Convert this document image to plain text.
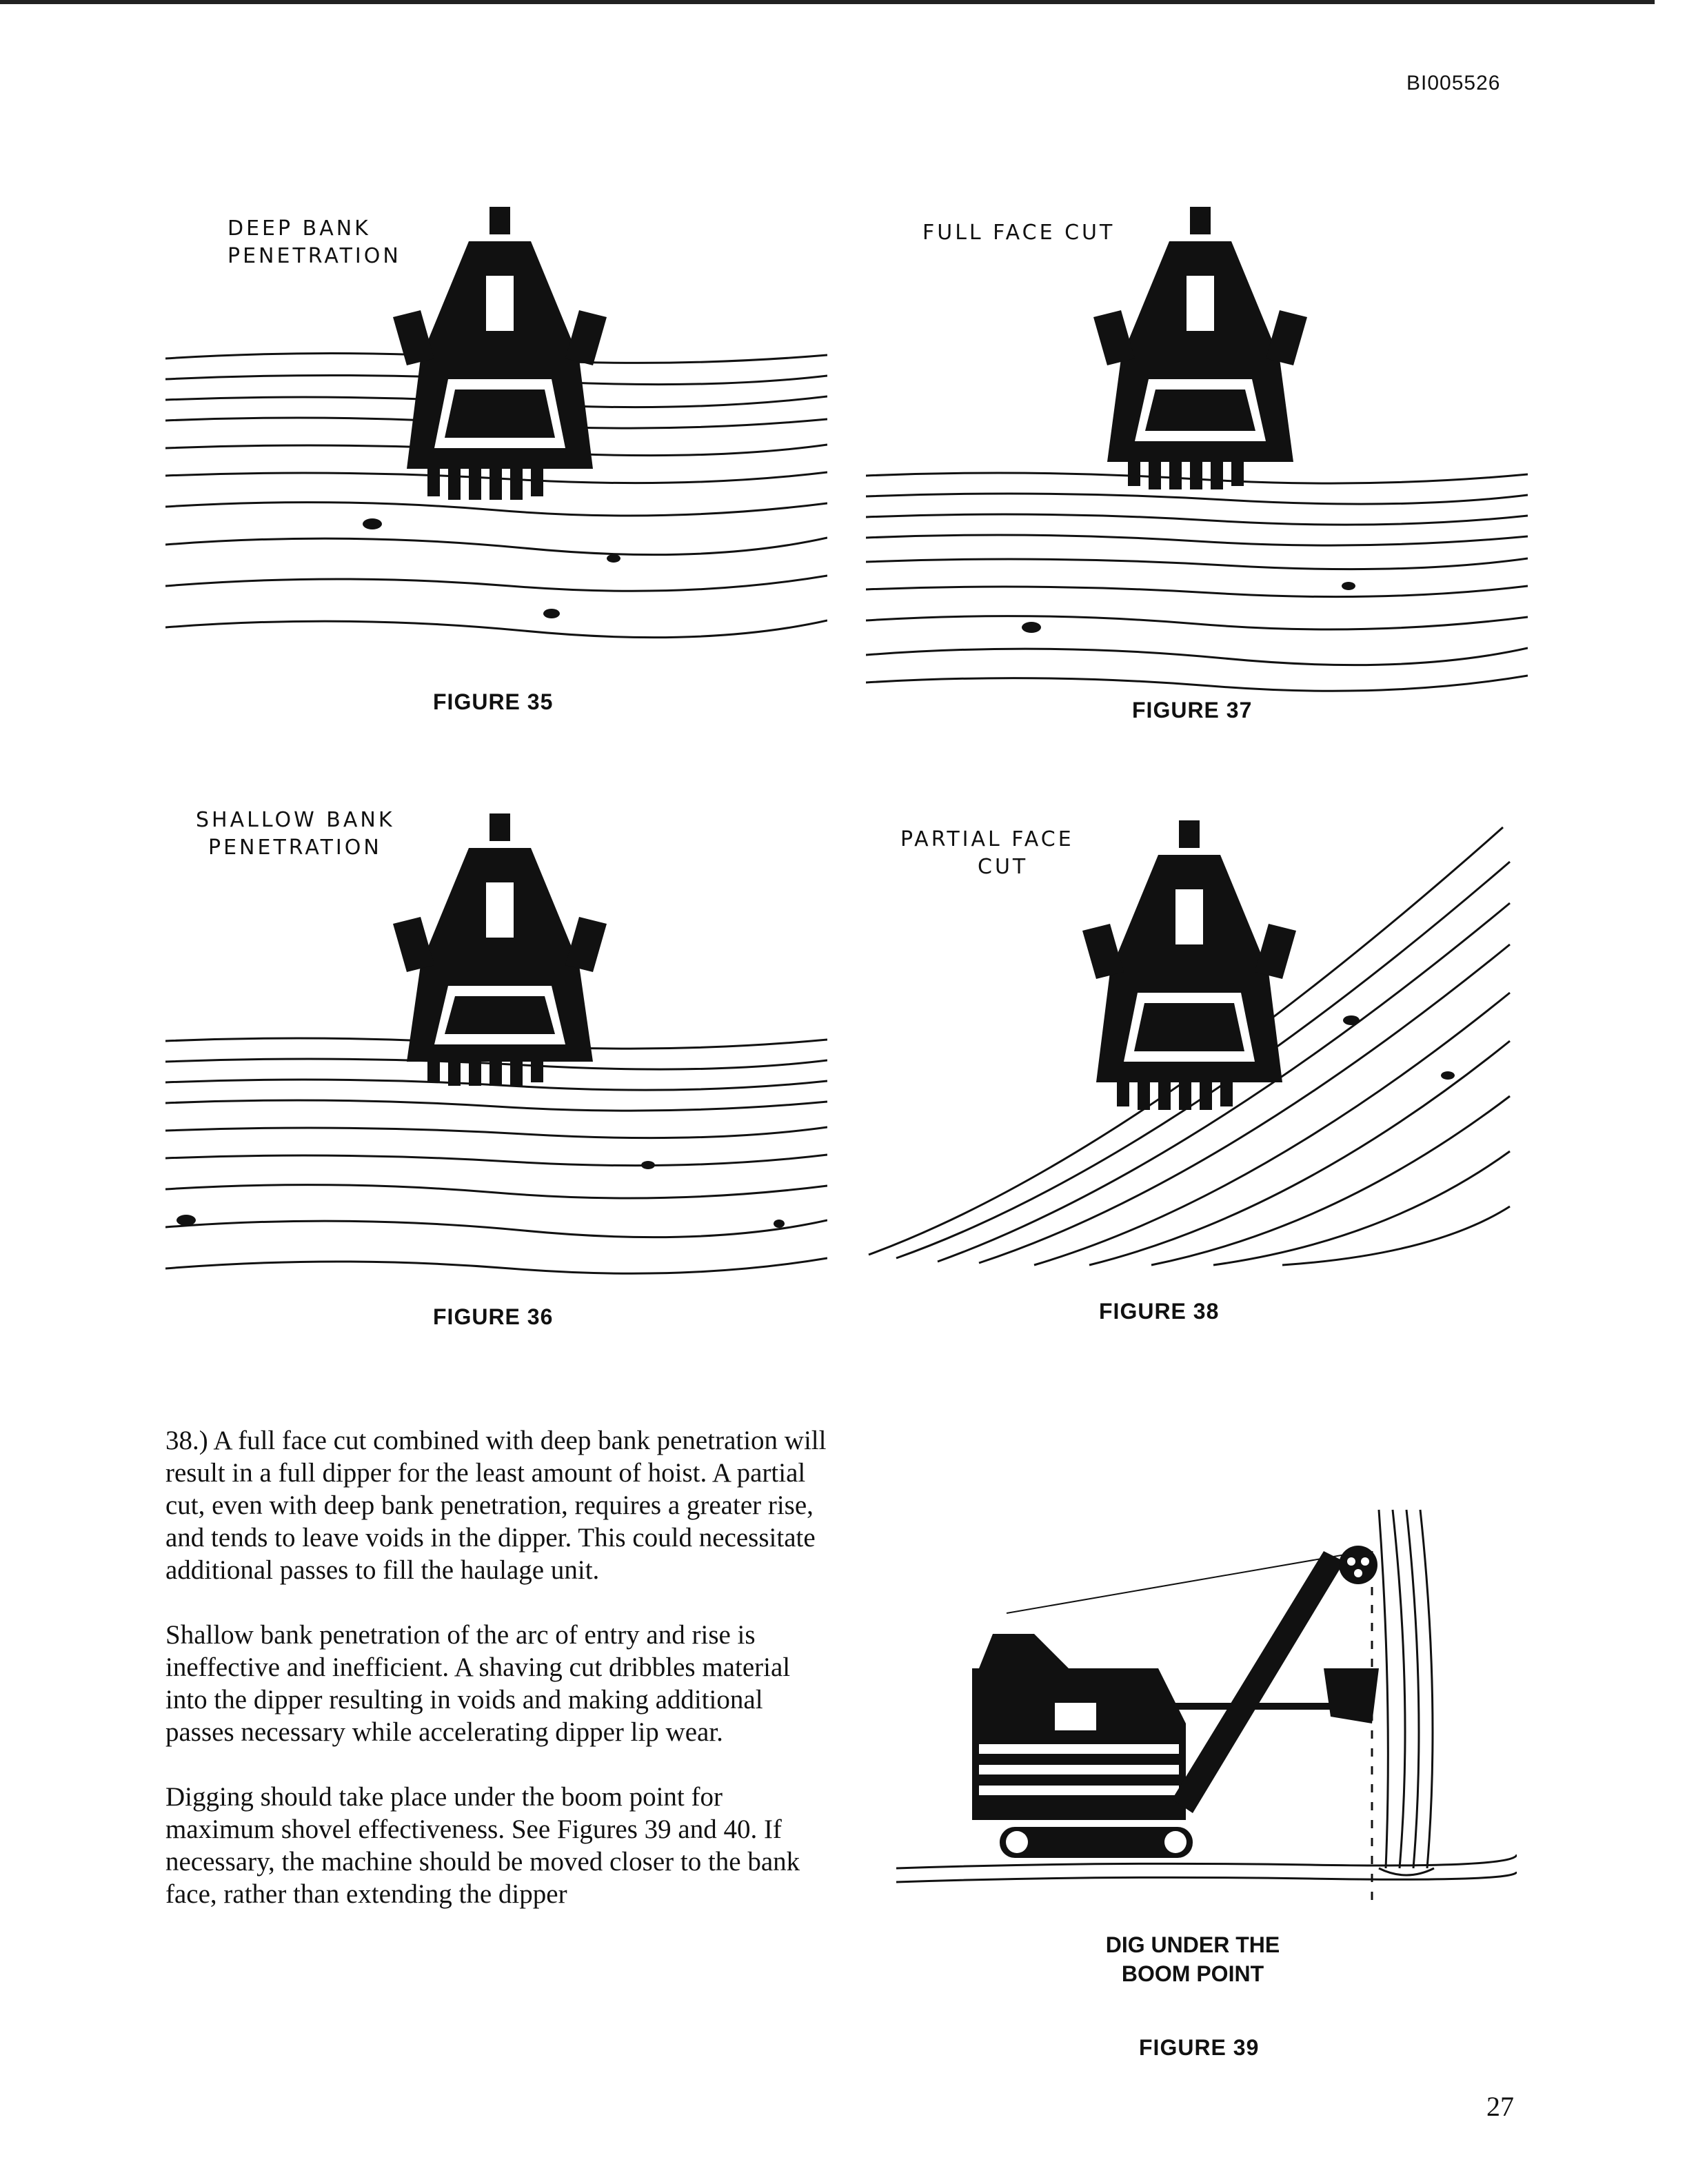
BI005526
DEEP BANK
PENETRATION
FIGURE 35
FULL FACE CUT
FIGURE 37
SHALLOW BANK
PENETRATION
FIGURE 36
PARTIAL FACE
CUT
FIGURE 38

38.) A full face cut combined with deep bank penetration will result in a full dipper for the least amount of hoist. A partial cut, even with deep bank penetration, requires a greater rise, and tends to leave voids in the dipper. This could necessitate additional passes to fill the haulage unit.

Shallow bank penetration of the arc of entry and rise is ineffective and inefficient. A shaving cut dribbles material into the dipper resulting in voids and making additional passes necessary while accelerating dipper lip wear.

Digging should take place under the boom point for maximum shovel effectiveness. See Figures 39 and 40. If necessary, the machine should be moved closer to the bank face, rather than extending the dipper

DIG UNDER THE
BOOM POINT
FIGURE 39
27
